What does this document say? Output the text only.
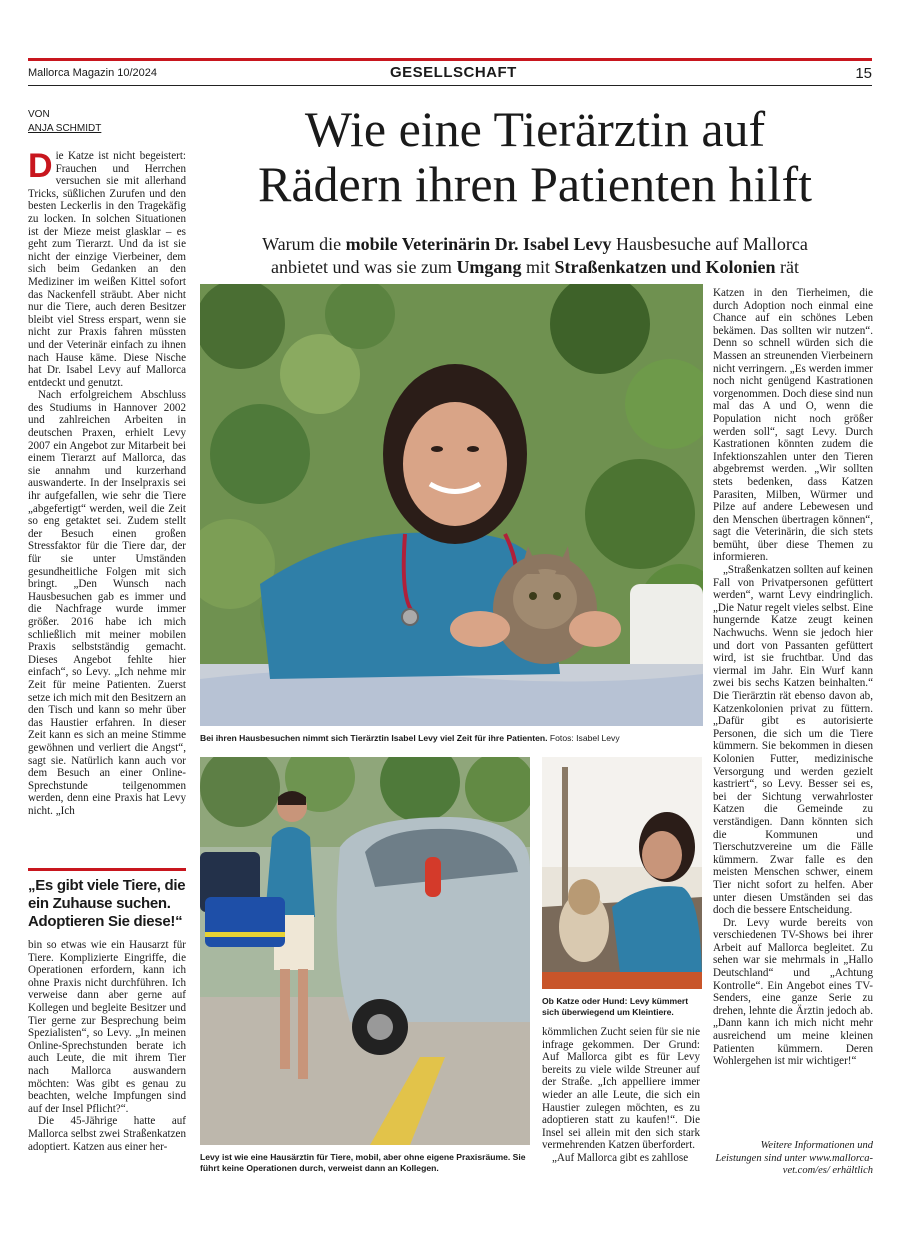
Mallorca Magazin 10/2024	GESELLSCHAFT	15
VON
ANJA SCHMIDT	Wie eine Tierärztin auf
Rädern ihren Patienten hilft
Warum die mobile Veterinärin Dr. Isabel Levy Hausbesuche auf Mallorca
anbietet und was sie zum Umgang mit Straßenkatzen und Kolonien rät

Die Katze ist nicht begeistert: Frauchen und Herrchen versuchen sie mit allerhand Tricks, süßlichen Zurufen und den besten Leckerlis in den Tragekäfig zu locken. In solchen Situationen ist der Mieze meist glasklar – es geht zum Tierarzt. Und da ist sie nicht der einzige Vierbeiner, dem sich beim Gedanken an den Mediziner im weißen Kittel sofort das Nackenfell sträubt. Aber nicht nur die Tiere, auch deren Besitzer bleibt viel Stress erspart, wenn sie nicht zur Praxis fahren müssten und der Veterinär einfach zu ihnen nach Hause käme. Diese Nische hat Dr. Isabel Levy auf Mallorca entdeckt und genutzt.

Nach erfolgreichem Abschluss des Studiums in Hannover 2002 und zahlreichen Arbeiten in deutschen Praxen, erhielt Levy 2007 ein Angebot zur Mitarbeit bei einem Tierarzt auf Mallorca, das sie annahm und kurzerhand auswanderte. In der Inselpraxis sei ihr aufgefallen, wie sehr die Tiere „abgefertigt“ werden, weil die Zeit so eng getaktet sei. Zudem stellt der Besuch einen großen Stressfaktor für die Tiere dar, der für sie unter Umständen gesundheitliche Folgen mit sich bringt. „Den Wunsch nach Hausbesuchen gab es immer und die Nachfrage wurde immer größer. 2016 habe ich mich schließlich mit meiner mobilen Praxis selbstständig gemacht. Dieses Angebot fehlte hier einfach“, so Levy. „Ich nehme mir Zeit für meine Patienten. Zuerst setze ich mich mit den Besitzern an den Tisch und kann so mehr über das Haustier erfahren. In dieser Zeit kann es sich an meine Stimme gewöhnen und verliert die Angst“, sagt sie. Natürlich kann auch vor dem Besuch an einer Online-Sprechstunde teilgenommen werden, denn eine Praxis hat Levy nicht. „Ich

„Es gibt viele Tiere, die ein Zuhause suchen. Adoptieren Sie diese!“

bin so etwas wie ein Hausarzt für Tiere. Komplizierte Eingriffe, die Operationen erfordern, kann ich ohne Praxis nicht durchführen. Ich verweise dann aber gerne auf Kollegen und begleite Besitzer und Tier gerne zur Besprechung beim Spezialisten“, so Levy. „In meinen Online-Sprechstunden berate ich auch Leute, die mit ihrem Tier nach Mallorca auswandern möchten: Was gibt es genau zu beachten, welche Impfungen sind auf der Insel Pflicht?“.

Die 45-Jährige hatte auf Mallorca selbst zwei Straßenkatzen adoptiert. Katzen aus einer her-

Bei ihren Hausbesuchen nimmt sich Tierärztin Isabel Levy viel Zeit für ihre Patienten. Fotos: Isabel Levy
Levy ist wie eine Hausärztin für Tiere, mobil, aber ohne eigene Praxisräume. Sie führt keine Operationen durch, verweist dann an Kollegen.
Ob Katze oder Hund: Levy kümmert sich überwiegend um Kleintiere.

kömmlichen Zucht seien für sie nie infrage gekommen. Der Grund: Auf Mallorca gibt es für Levy bereits zu viele wilde Streuner auf der Straße. „Ich appelliere immer wieder an alle Leute, die sich ein Haustier zulegen möchten, es zu adoptieren statt zu kaufen!“. Die Insel sei allein mit den sich stark vermehrenden Katzen überfordert.

„Auf Mallorca gibt es zahllose

Katzen in den Tierheimen, die durch Adoption noch einmal eine Chance auf ein schönes Leben bekämen. Das sollten wir nutzen“. Denn so schnell würden sich die Massen an streunenden Vierbeinern nicht verringern. „Es werden immer noch nicht genügend Kastrationen vorgenommen. Doch diese sind nun mal das A und O, wenn die Population nicht noch größer werden soll“, sagt Levy. Durch Kastrationen könnten zudem die Infektionszahlen unter den Tieren abgebremst werden. „Wir sollten stets bedenken, dass Katzen Parasiten, Milben, Würmer und Pilze auf andere Lebewesen und den Menschen übertragen können“, sagt die Veterinärin, die sich stets bemüht, über diese Themen zu informieren.

„Straßenkatzen sollten auf keinen Fall von Privatpersonen gefüttert werden“, warnt Levy eindringlich. „Die Natur regelt vieles selbst. Eine hungernde Katze zeugt keinen Nachwuchs. Wenn sie jedoch hier und dort von Passanten gefüttert wird, ist sie fruchtbar. Und das viermal im Jahr. Ein Wurf kann zwei bis sechs Katzen beinhalten.“ Die Tierärztin rät ebenso davon ab, Katzenkolonien privat zu füttern. „Dafür gibt es autorisierte Personen, die sich um die Tiere kümmern. Sie bekommen in diesen Kolonien Futter, medizinische Versorgung und werden gezielt kastriert“, so Levy. Besser sei es, bei der Sichtung verwahrloster Katzen die Gemeinde zu verständigen. Dann könnten sich die Kommunen und Tierschutzvereine um die Fälle kümmern. Zwar falle es den meisten Menschen schwer, einem Tier nicht sofort zu helfen. Aber unter diesen Umständen sei das doch die bessere Entscheidung.

Dr. Levy wurde bereits von verschiedenen TV-Shows bei ihrer Arbeit auf Mallorca begleitet. Zu sehen war sie mehrmals in „Hallo Deutschland“ und „Achtung Kontrolle“. Ein Angebot eines TV-Senders, eine ganze Serie zu drehen, lehnte die Ärztin jedoch ab. „Dann kann ich mich nicht mehr ausreichend um meine kleinen Patienten kümmern. Deren Wohlergehen ist mir wichtiger!“

Weitere Informationen und Leistungen sind unter www.mallorca-vet.com/es/ erhältlich
